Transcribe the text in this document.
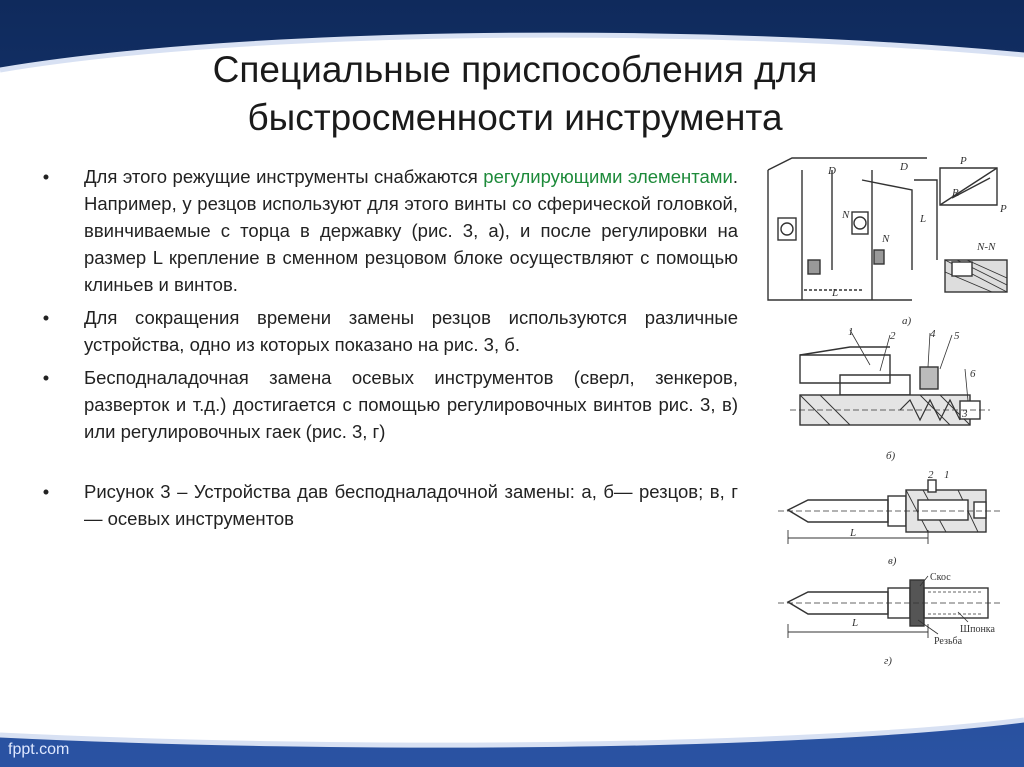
Специальные приспособления для
быстросменности инструмента

•	Для этого режущие инструменты снабжаются регулирующими элементами. Например, у резцов используют для этого винты со сферической головкой, ввинчиваемые с торца в державку (рис. 3, а), и после регулировки на размер L крепление в сменном резцовом блоке осуществляют с помощью клиньев и винтов.

•	Для сокращения времени замены резцов используются различные устройства, одно из которых показано на рис. 3, б.

•	Бесподналадочная замена осевых инструментов (сверл, зенкеров, разверток и т.д.) достигается с помощью регулировочных винтов рис. 3, в) или регулировочных гаек (рис. 3, г)

•	Рисунок 3 – Устройства дав бесподналадочной замены: а, б— резцов; в, г — осевых инструментов

D	D	P
P
R
L
L
N
N
N-N
а)
1	2	4 5
6
3
б)
2 1
L
в)
Скос
L
Шпонка
Резьба
г)
fppt.com
